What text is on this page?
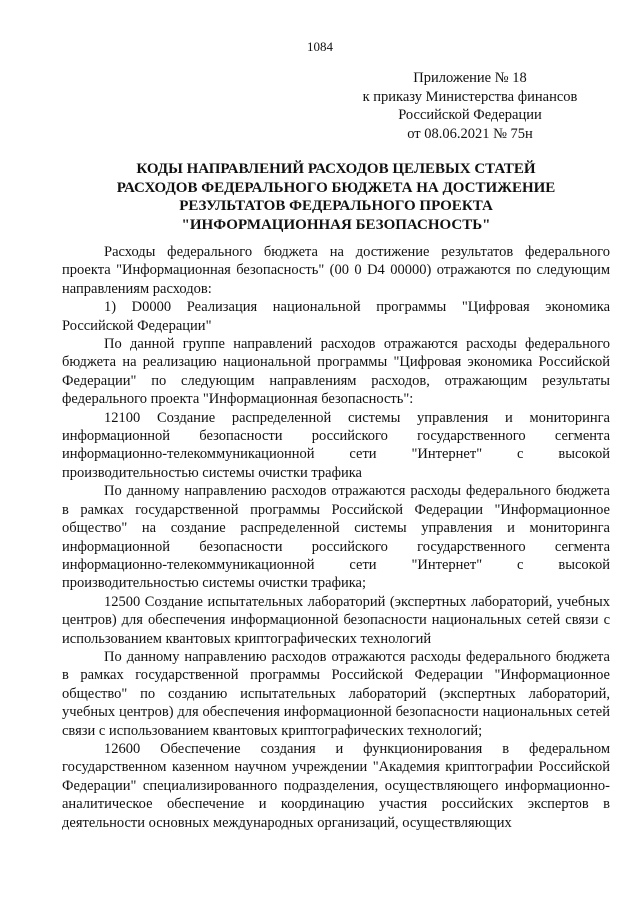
1084
Приложение № 18
к приказу Министерства финансов
Российской Федерации
от 08.06.2021 № 75н
КОДЫ НАПРАВЛЕНИЙ РАСХОДОВ ЦЕЛЕВЫХ СТАТЕЙ
РАСХОДОВ ФЕДЕРАЛЬНОГО БЮДЖЕТА НА ДОСТИЖЕНИЕ
РЕЗУЛЬТАТОВ ФЕДЕРАЛЬНОГО ПРОЕКТА
"ИНФОРМАЦИОННАЯ БЕЗОПАСНОСТЬ"

Расходы федерального бюджета на достижение результатов федерального проекта "Информационная безопасность" (00 0 D4 00000) отражаются по следующим направлениям расходов:

1) D0000 Реализация национальной программы "Цифровая экономика Российской Федерации"

По данной группе направлений расходов отражаются расходы федерального бюджета на реализацию национальной программы "Цифровая экономика Российской Федерации" по следующим направлениям расходов, отражающим результаты федерального проекта "Информационная безопасность":

12100 Создание распределенной системы управления и мониторинга информационной безопасности российского государственного сегмента информационно-телекоммуникационной сети "Интернет" с высокой производительностью системы очистки трафика

По данному направлению расходов отражаются расходы федерального бюджета в рамках государственной программы Российской Федерации "Информационное общество" на создание распределенной системы управления и мониторинга информационной безопасности российского государственного сегмента информационно-телекоммуникационной сети "Интернет" с высокой производительностью системы очистки трафика;

12500 Создание испытательных лабораторий (экспертных лабораторий, учебных центров) для обеспечения информационной безопасности национальных сетей связи с использованием квантовых криптографических технологий

По данному направлению расходов отражаются расходы федерального бюджета в рамках государственной программы Российской Федерации "Информационное общество" по созданию испытательных лабораторий (экспертных лабораторий, учебных центров) для обеспечения информационной безопасности национальных сетей связи с использованием квантовых криптографических технологий;

12600 Обеспечение создания и функционирования в федеральном государственном казенном научном учреждении "Академия криптографии Российской Федерации" специализированного подразделения, осуществляющего информационно-аналитическое обеспечение и координацию участия российских экспертов в деятельности основных международных организаций, осуществляющих
